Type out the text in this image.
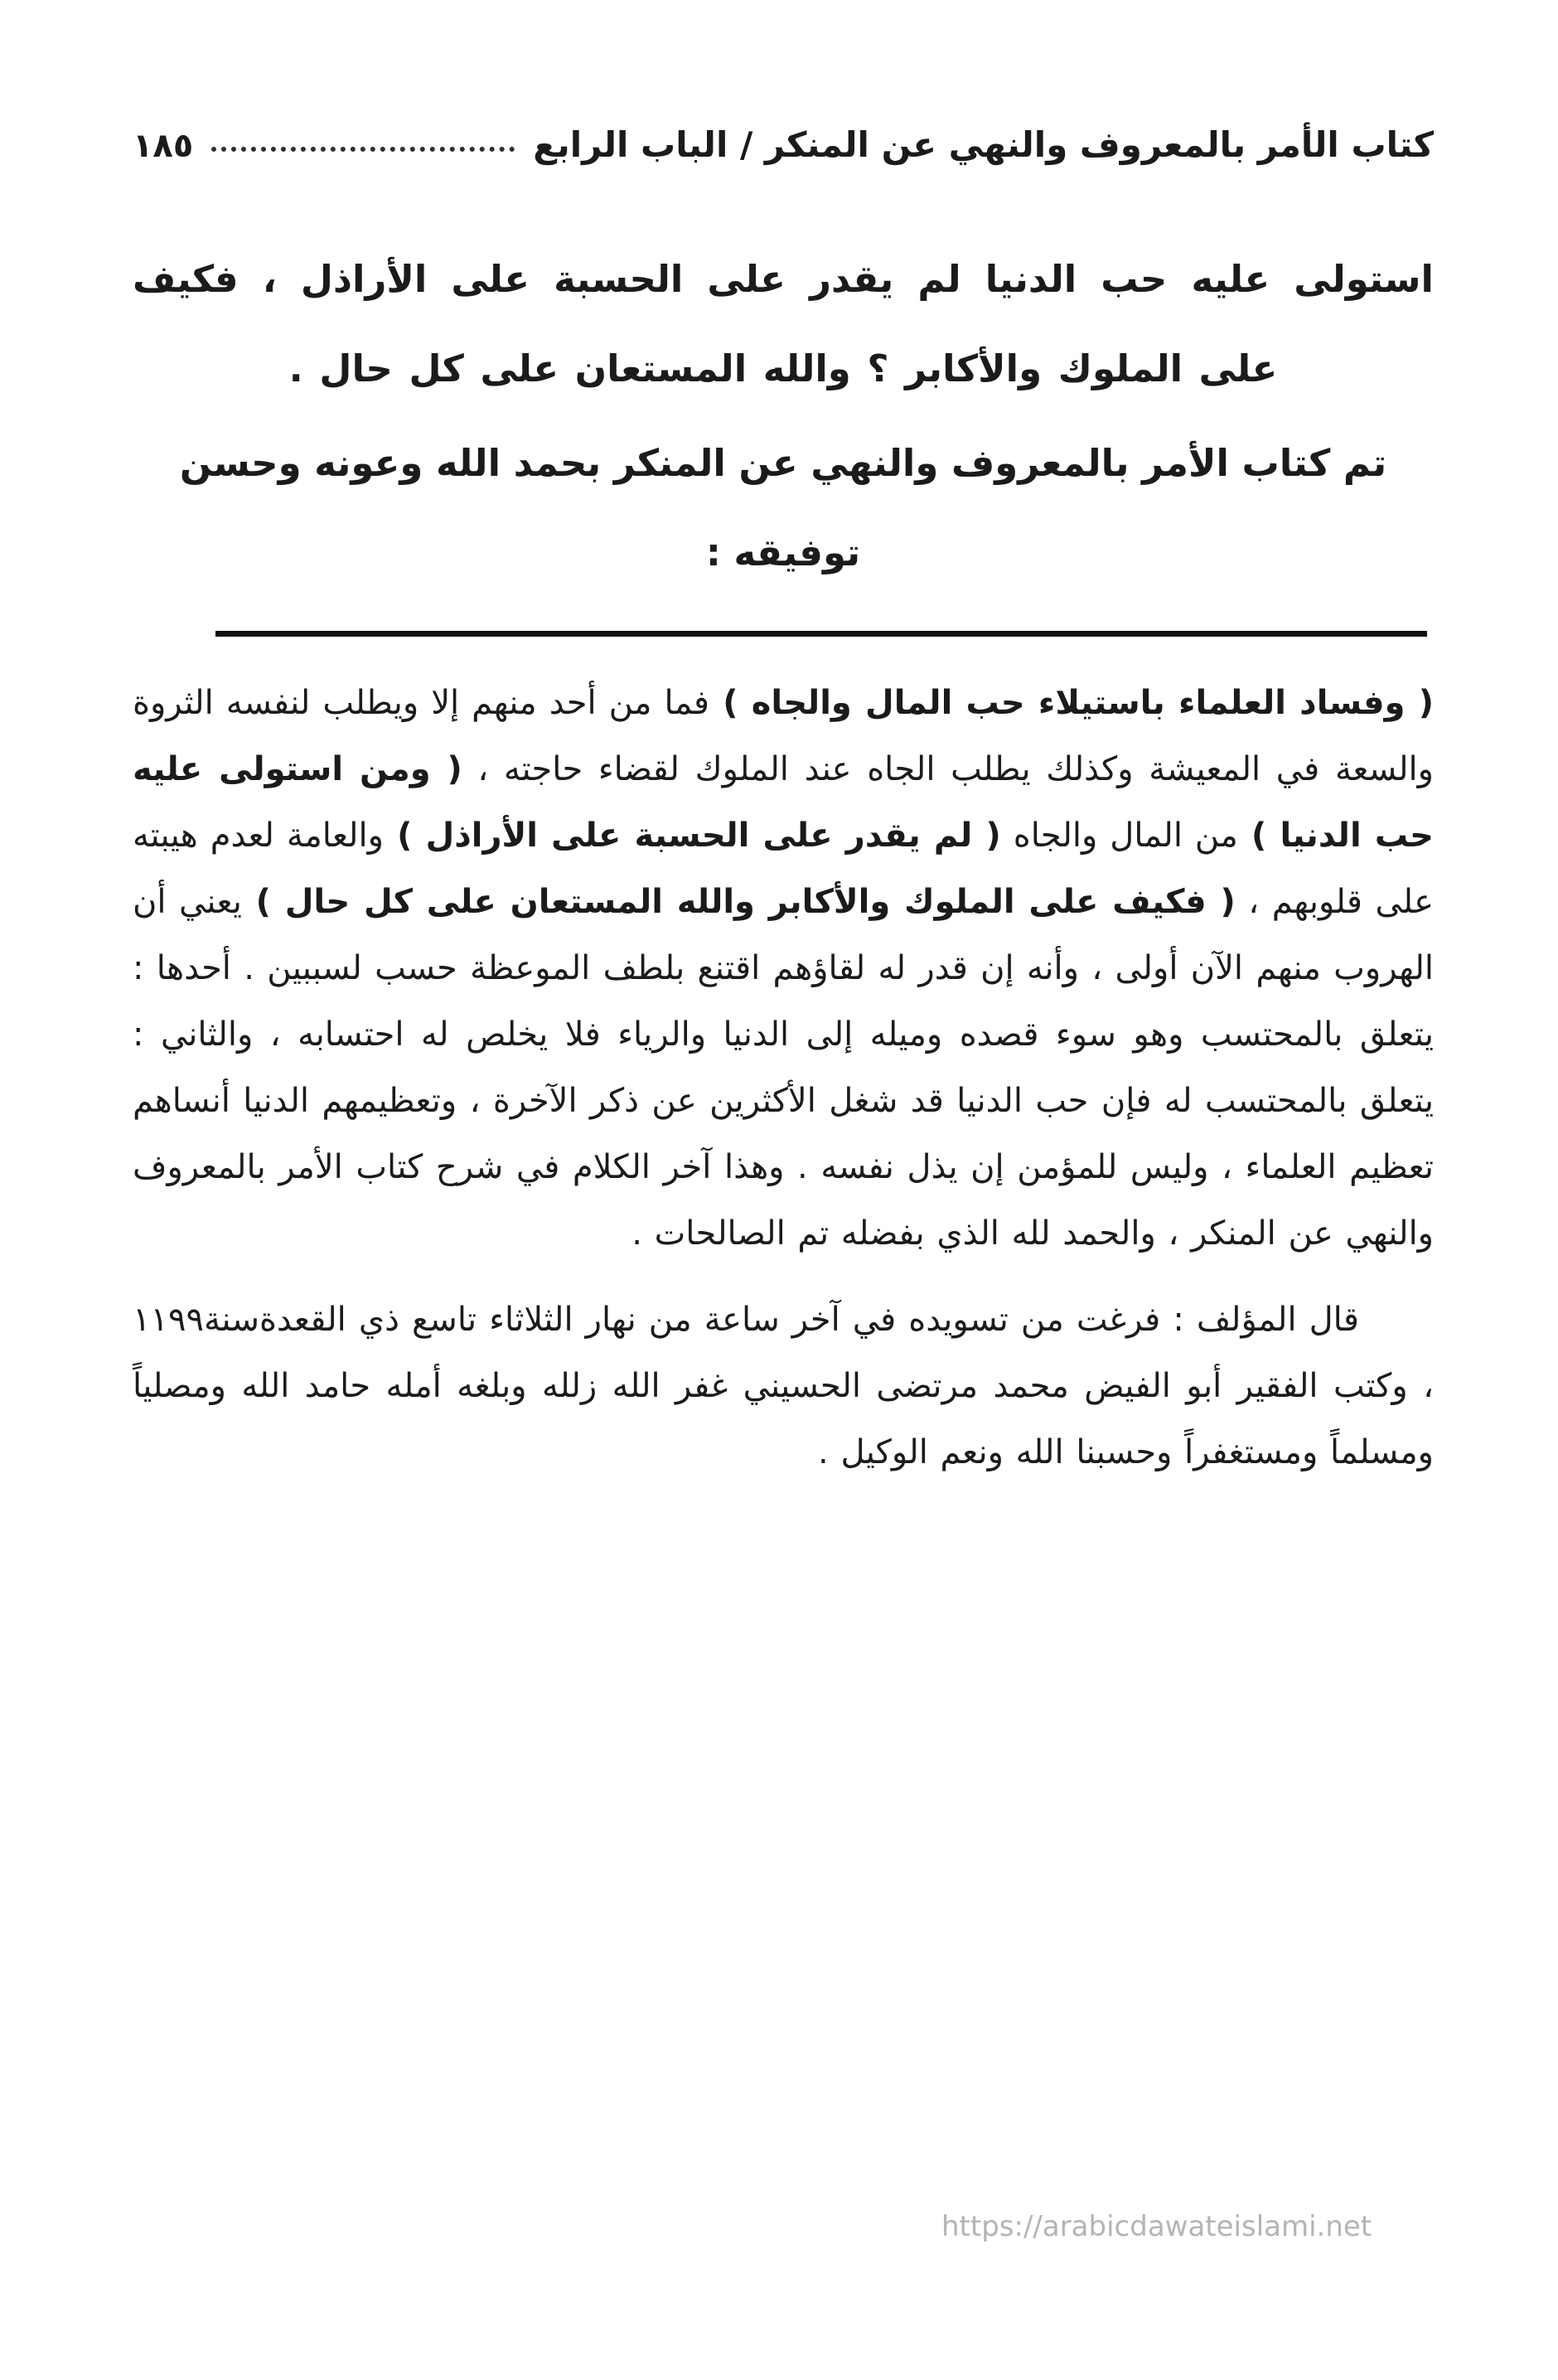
كتاب الأمر بالمعروف والنهي عن المنكر / الباب الرابع
١٨٥

استولى عليه حب الدنيا لم يقدر على الحسبة على الأراذل ، فكيف على الملوك والأكابر ؟ والله المستعان على كل حال .

تم كتاب الأمر بالمعروف والنهي عن المنكر بحمد الله وعونه وحسن توفيقه :

( وفساد العلماء باستيلاء حب المال والجاه ) فما من أحد منهم إلا ويطلب لنفسه الثروة والسعة في المعيشة وكذلك يطلب الجاه عند الملوك لقضاء حاجته ، ( ومن استولى عليه حب الدنيا ) من المال والجاه ( لم يقدر على الحسبة على الأراذل ) والعامة لعدم هيبته على قلوبهم ، ( فكيف على الملوك والأكابر والله المستعان على كل حال ) يعني أن الهروب منهم الآن أولى ، وأنه إن قدر له لقاؤهم اقتنع بلطف الموعظة حسب لسببين . أحدها : يتعلق بالمحتسب وهو سوء قصده وميله إلى الدنيا والرياء فلا يخلص له احتسابه ، والثاني : يتعلق بالمحتسب له فإن حب الدنيا قد شغل الأكثرين عن ذكر الآخرة ، وتعظيمهم الدنيا أنساهم تعظيم العلماء ، وليس للمؤمن إن يذل نفسه . وهذا آخر الكلام في شرح كتاب الأمر بالمعروف والنهي عن المنكر ، والحمد لله الذي بفضله تم الصالحات .

قال المؤلف : فرغت من تسويده في آخر ساعة من نهار الثلاثاء تاسع ذي القعدةسنة١١٩٩ ، وكتب الفقير أبو الفيض محمد مرتضى الحسيني غفر الله زلله وبلغه أمله حامد الله ومصلياً ومسلماً ومستغفراً وحسبنا الله ونعم الوكيل .

https://arabicdawateislami.net
